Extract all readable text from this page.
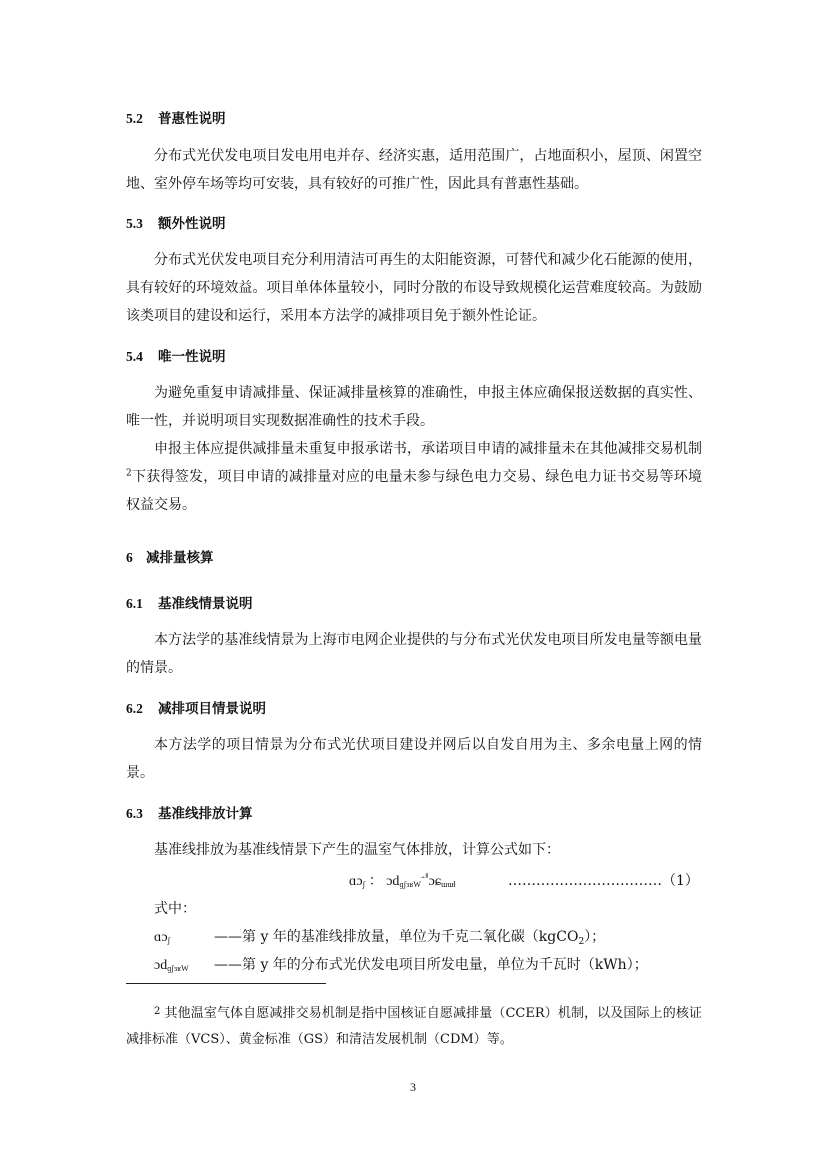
5.2 普惠性说明

分布式光伏发电项目发电用电并存、经济实惠，适用范围广，占地面积小，屋顶、闲置空地、室外停车场等均可安装，具有较好的可推广性，因此具有普惠性基础。

5.3 额外性说明

分布式光伏发电项目充分利用清洁可再生的太阳能资源，可替代和减少化石能源的使用，具有较好的环境效益。项目单体体量较小，同时分散的布设导致规模化运营难度较高。为鼓励该类项目的建设和运行，采用本方法学的减排项目免于额外性论证。

5.4 唯一性说明

为避免重复申请减排量、保证减排量核算的准确性，申报主体应确保报送数据的真实性、唯一性，并说明项目实现数据准确性的技术手段。

申报主体应提供减排量未重复申报承诺书，承诺项目申请的减排量未在其他减排交易机制$^2$下获得签发，项目申请的减排量对应的电量未参与绿色电力交易、绿色电力证书交易等环境权益交易。

6 减排量核算
6.1 基准线情景说明

本方法学的基准线情景为上海市电网企业提供的与分布式光伏发电项目所发电量等额电量的情景。

6.2 减排项目情景说明

本方法学的项目情景为分布式光伏项目建设并网后以自发自用为主、多余电量上网的情景。

6.3 基准线排放计算

基准线排放为基准线情景下产生的温室气体排放，计算公式如下：

ɑɔ$_ʃ$ ： ɔd$_{ɡʃɜʁW}^ᆀ$ɔɕ$_{ɯɯɬ}$	……………………………（1）
式中：
ɑɔ$_ʃ$	——第 y 年的基准线排放量，单位为千克二氧化碳（kgCO$_2$）；
ɔd$_{ɡʃɜʁW}$ ——第 y 年的分布式光伏发电项目所发电量，单位为千瓦时（kWh）；

$^2$ 其他温室气体自愿减排交易机制是指中国核证自愿减排量（CCER）机制，以及国际上的核证减排标准（VCS）、黄金标准（GS）和清洁发展机制（CDM）等。

3
